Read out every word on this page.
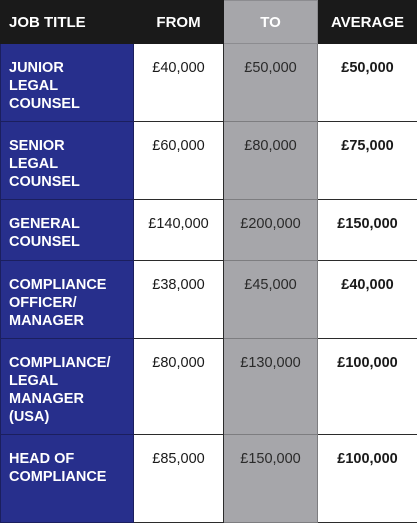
JOB TITLE	FROM	TO	AVERAGE
JUNIOR
LEGAL
COUNSEL	£40,000	£50,000	£50,000
SENIOR
LEGAL
COUNSEL	£60,000	£80,000	£75,000
GENERAL
COUNSEL	£140,000	£200,000	£150,000
COMPLIANCE
OFFICER/
MANAGER	£38,000	£45,000	£40,000
COMPLIANCE/
LEGAL
MANAGER
(USA)	£80,000	£130,000	£100,000
HEAD OF
COMPLIANCE	£85,000	£150,000	£100,000
